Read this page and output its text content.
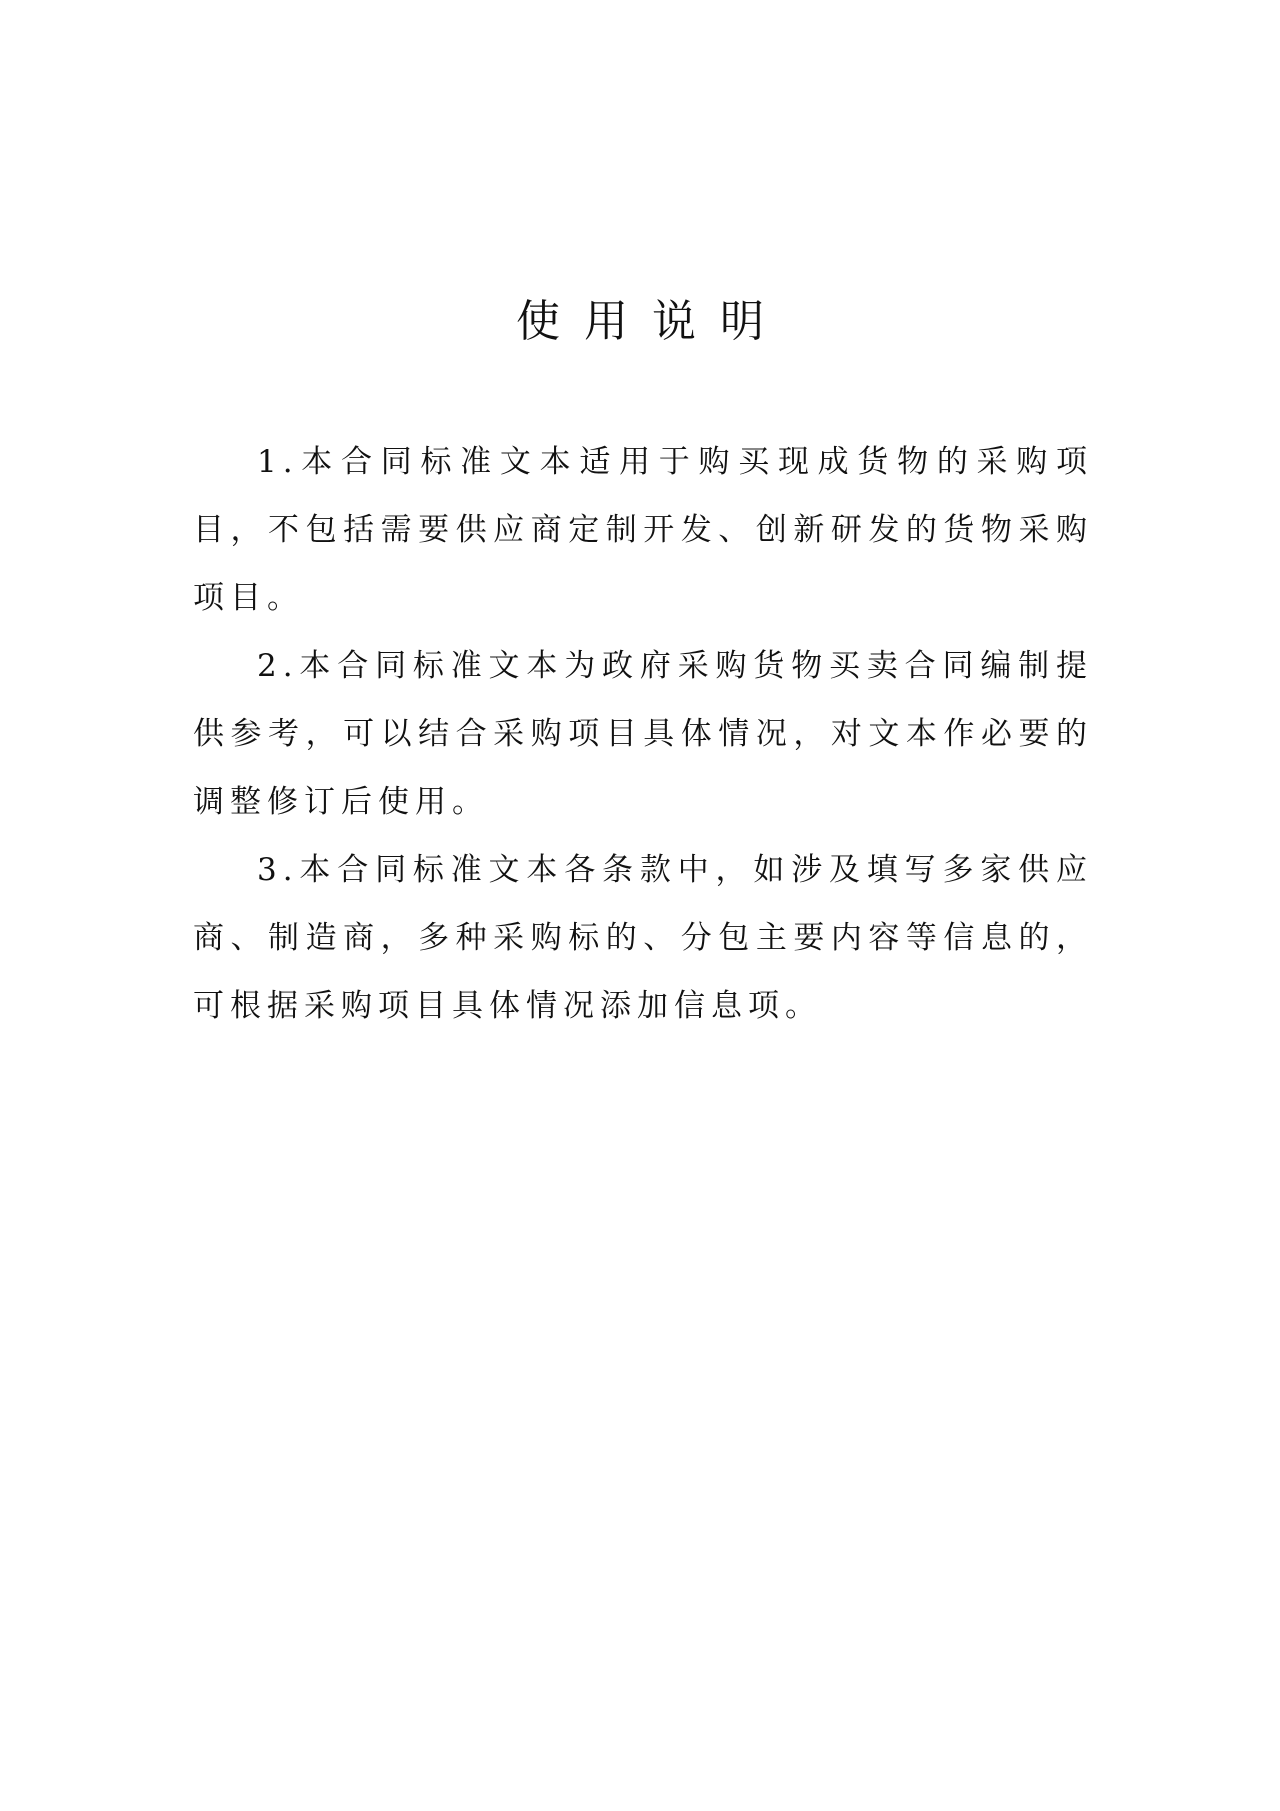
使用说明

1.本合同标准文本适用于购买现成货物的采购项目，不包括需要供应商定制开发、创新研发的货物采购项目。

2.本合同标准文本为政府采购货物买卖合同编制提供参考，可以结合采购项目具体情况，对文本作必要的调整修订后使用。

3.本合同标准文本各条款中，如涉及填写多家供应商、制造商，多种采购标的、分包主要内容等信息的，可根据采购项目具体情况添加信息项。
